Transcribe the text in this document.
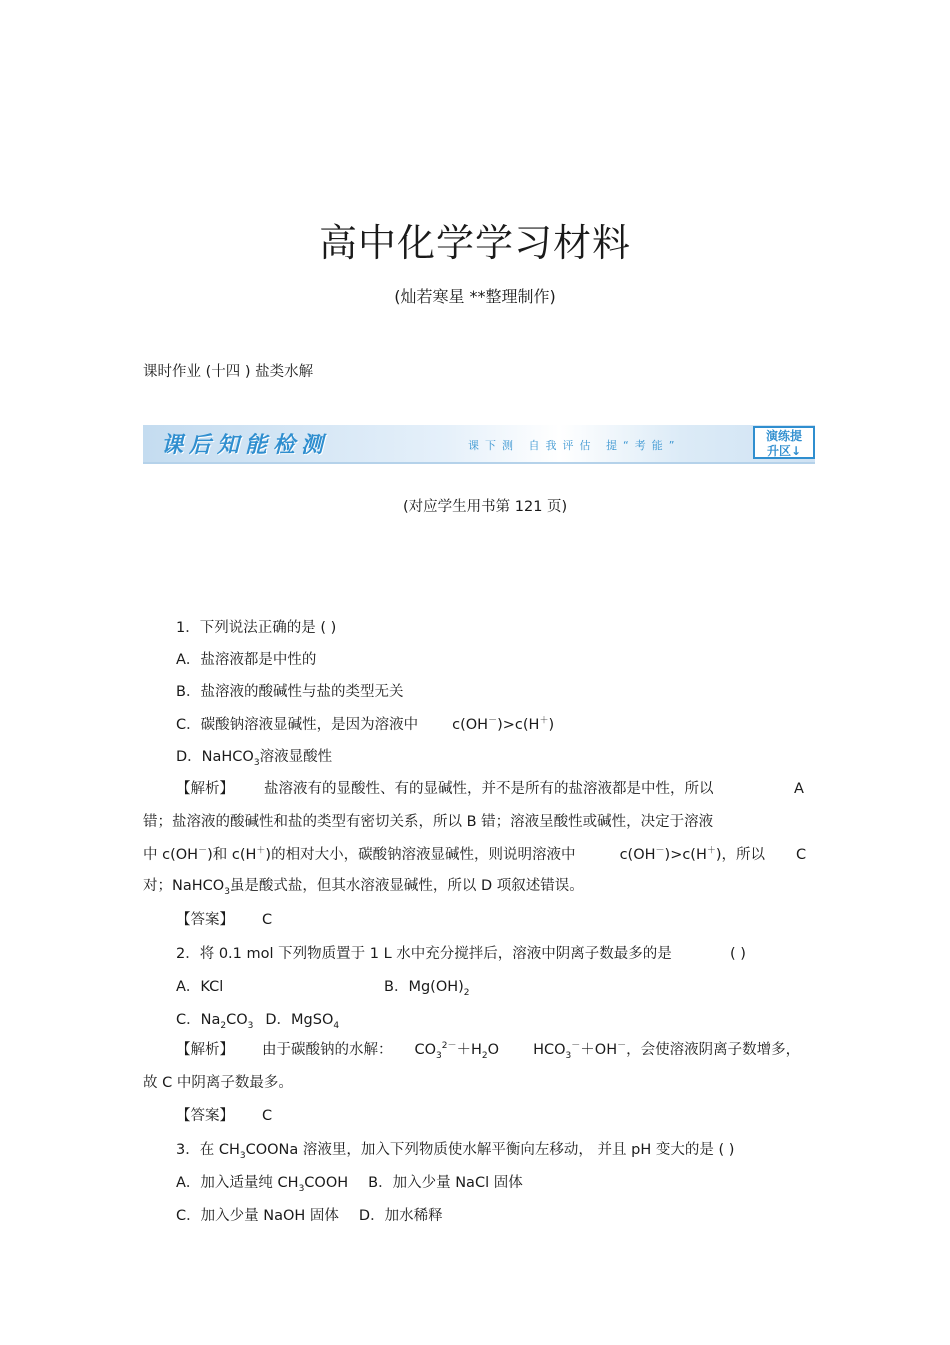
高中化学学习材料
(灿若寒星 **整理制作)
课时作业 (十四 ) 盐类水解
课后知能检测	课下测 自我评估 提“考能”
演练提
升区↓
(对应学生用书第 121 页)
1．下列说法正确的是 ( )
A．盐溶液都是中性的
B．盐溶液的酸碱性与盐的类型无关
C．碳酸钠溶液显碱性，是因为溶液中 c(OH－)>c(H＋)
D．NaHCO$_3$溶液显酸性
【解析】 盐溶液有的显酸性、有的显碱性，并不是所有的盐溶液都是中性，所以	A
错；盐溶液的酸碱性和盐的类型有密切关系，所以 B 错；溶液呈酸性或碱性，决定于溶液
中 c(OH－)和 c(H＋)的相对大小，碳酸钠溶液显碱性，则说明溶液中	c(OH－)>c(H＋)，所以 C
对；NaHCO$_3$虽是酸式盐，但其水溶液显碱性，所以 D 项叙述错误。
【答案】 C
2．将 0.1 mol 下列物质置于 1 L 水中充分搅拌后，溶液中阴离子数最多的是	( )
A．KCl	B．$Mg(OH)_2$
C．$Na_2CO_3$ D．MgSO$_4$
【解析】 由于碳酸钠的水解： $CO_3^{2-}+H_2O$ $HCO_3^-+OH^-$，会使溶液阴离子数增多，
故 C 中阴离子数最多。
【答案】 C
3．在 $CH_3COONa$ 溶液里，加入下列物质使水解平衡向左移动， 并且 pH 变大的是 ( )
A．加入适量纯 $CH_3COOH$ B．加入少量 NaCl 固体
C．加入少量 NaOH 固体 D．加水稀释
